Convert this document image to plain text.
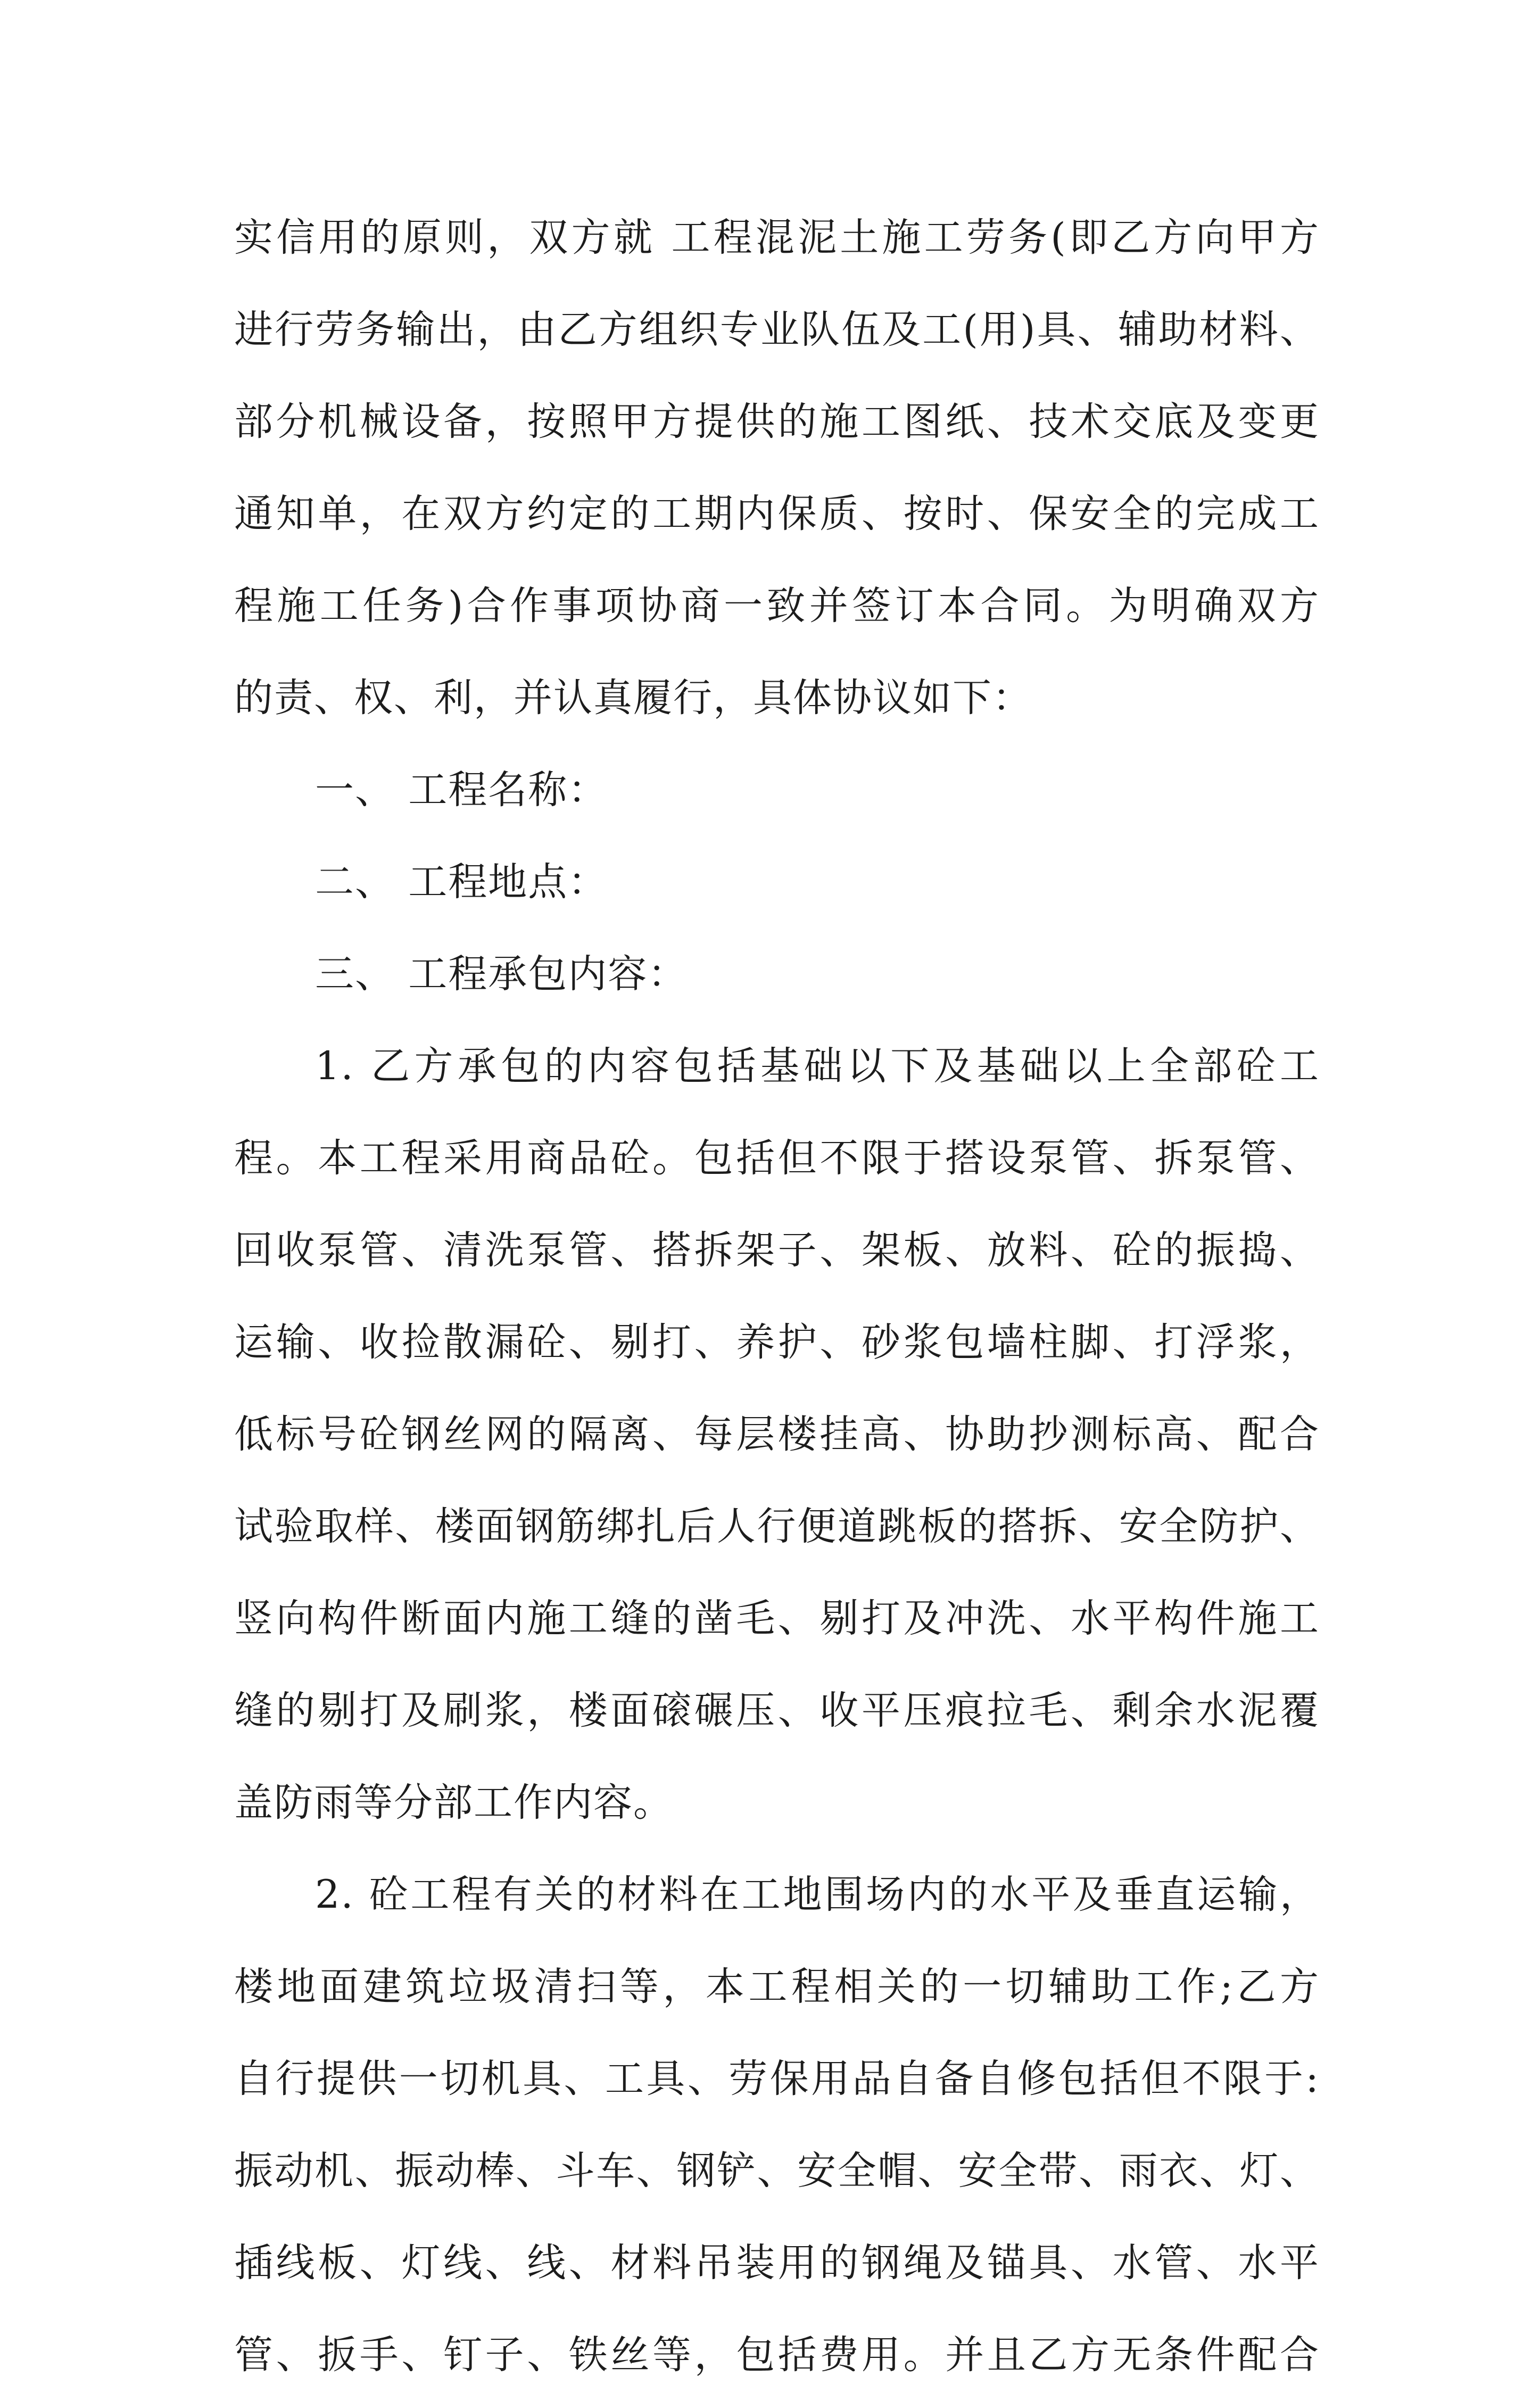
实信用的原则，双方就 工程混泥土施工劳务(即乙方向甲方
进行劳务输出，由乙方组织专业队伍及工(用)具、辅助材料、
部分机械设备，按照甲方提供的施工图纸、技术交底及变更
通知单，在双方约定的工期内保质、按时、保安全的完成工
程施工任务)合作事项协商一致并签订本合同。为明确双方
的责、权、利，并认真履行，具体协议如下：
一、 工程名称：
二、 工程地点：
三、 工程承包内容：
1. 乙方承包的内容包括基础以下及基础以上全部砼工
程。本工程采用商品砼。包括但不限于搭设泵管、拆泵管、
回收泵管、清洗泵管、搭拆架子、架板、放料、砼的振捣、
运输、收捡散漏砼、剔打、养护、砂浆包墙柱脚、打浮浆，
低标号砼钢丝网的隔离、每层楼挂高、协助抄测标高、配合
试验取样、楼面钢筋绑扎后人行便道跳板的搭拆、安全防护、
竖向构件断面内施工缝的凿毛、剔打及冲洗、水平构件施工
缝的剔打及刷浆，楼面磙碾压、收平压痕拉毛、剩余水泥覆
盖防雨等分部工作内容。
2. 砼工程有关的材料在工地围场内的水平及垂直运输，
楼地面建筑垃圾清扫等，本工程相关的一切辅助工作;乙方
自行提供一切机具、工具、劳保用品自备自修包括但不限于:
振动机、振动棒、斗车、钢铲、安全帽、安全带、雨衣、灯、
插线板、灯线、线、材料吊装用的钢绳及锚具、水管、水平
管、扳手、钉子、铁丝等，包括费用。并且乙方无条件配合
